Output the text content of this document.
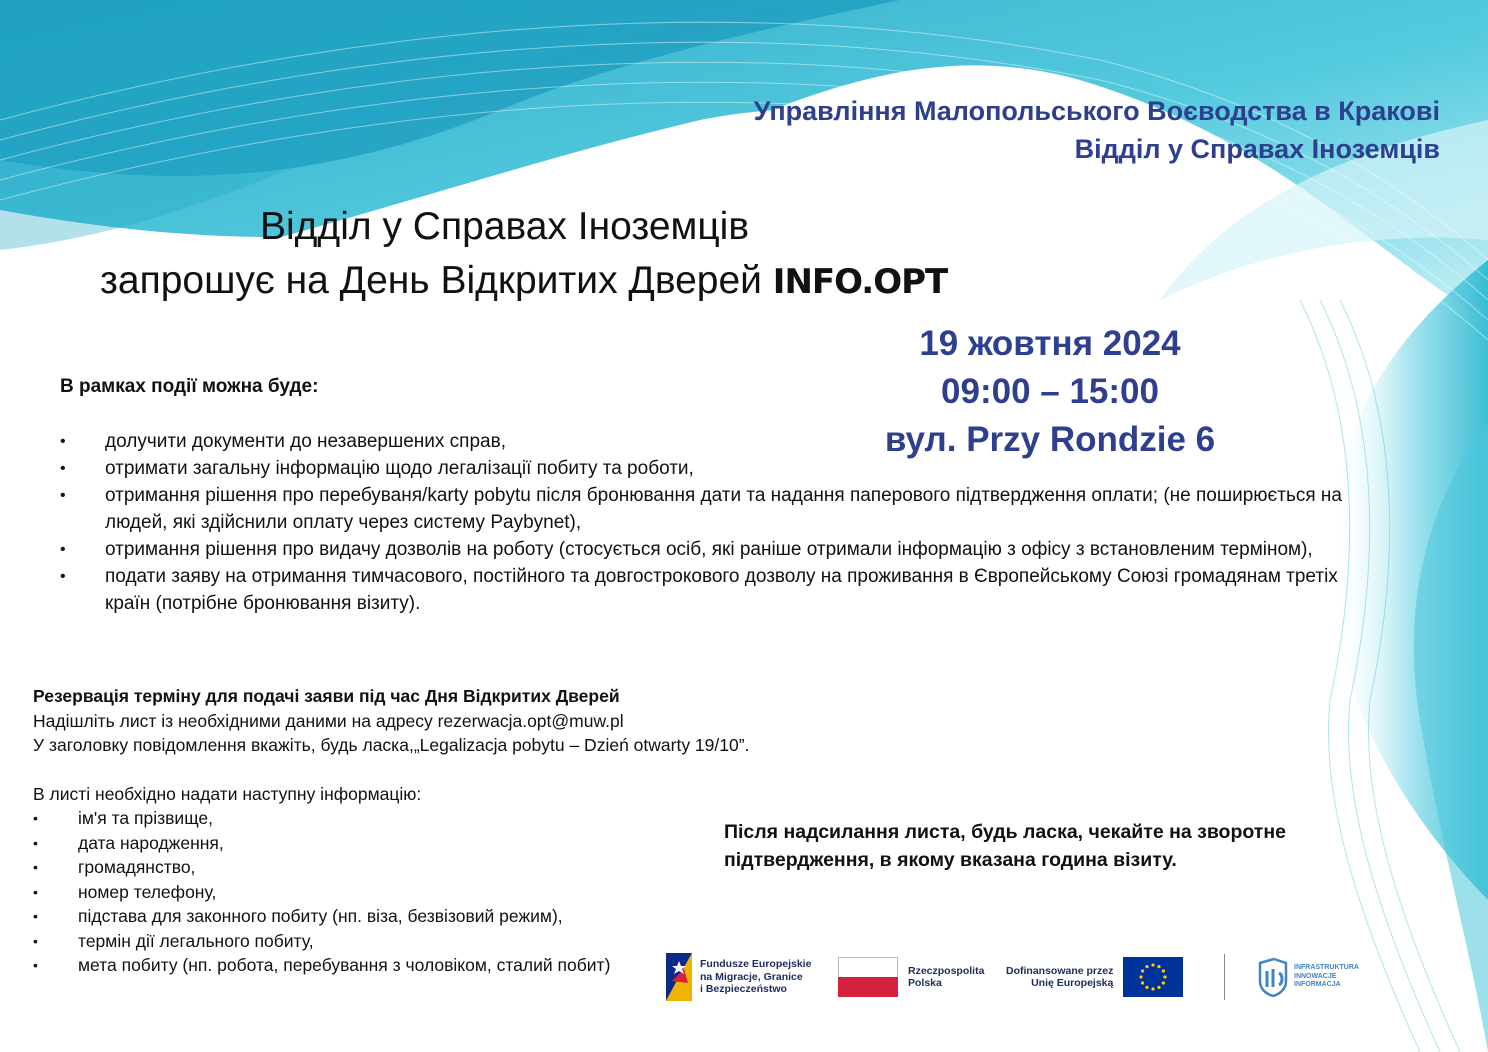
Управління Малопольського Воєводства в Кракові
Відділ у Справах Іноземців
Відділ у Справах Іноземців
запрошує на День Відкритих Дверей INFO.OPT
19 жовтня 2024
09:00 – 15:00
вул. Przy Rondzie 6
В рамках події можна буде:
• долучити документи до незавершених справ,
• отримати загальну інформацію щодо легалізації побиту та роботи,
• отримання рішення про перебуваня/karty pobytu після бронювання дати та надання паперового підтвердження оплати; (не поширюється на людей, які здійснили оплату через систему Paybynet),
• отримання рішення про видачу дозволів на роботу (стосується осіб, які раніше отримали інформацію з офісу з встановленим терміном),
• подати заяву на отримання тимчасового, постійного та довгострокового дозволу на проживання в Європейському Союзі громадянам третіх країн (потрібне бронювання візиту).
Резервація терміну для подачі заяви під час Дня Відкритих Дверей
Надішліть лист із необхідними даними на адресу rezerwacja.opt@muw.pl
У заголовку повідомлення вкажіть, будь ласка,„Legalizacja pobytu – Dzień otwarty 19/10”.
В листі необхідно надати наступну інформацію:
• ім'я та прізвище,
• дата народження,
• громадянство,
• номер телефону,
• підстава для законного побиту (нп. віза, безвізовий режим),
• термін дії легального побиту,
• мета побиту (нп. робота, перебування з чоловіком, сталий побит)
Після надсилання листа, будь ласка, чекайте на зворотне підтвердження, в якому вказана година візиту.
Fundusze Europejskie
na Migracje, Granice
i Bezpieczeństwo
Rzeczpospolita
Polska
Dofinansowane przez
Unię Europejską
INFRASTRUKTURA
INNOWACJE
INFORMACJA
